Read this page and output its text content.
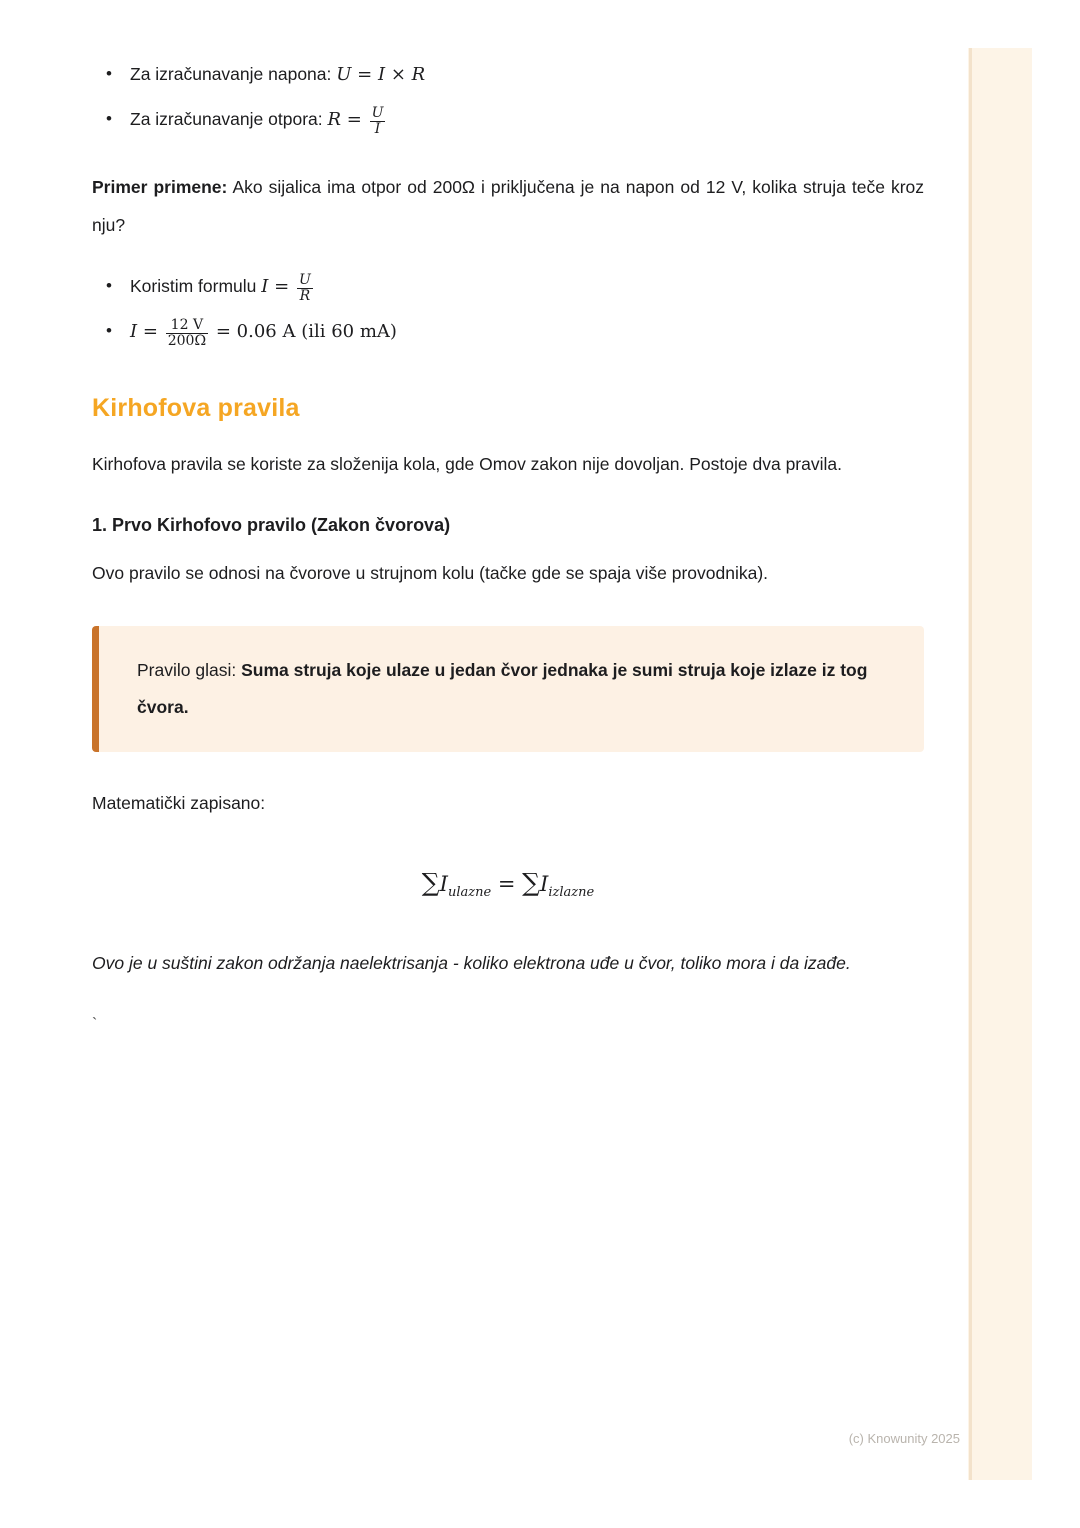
• Za izračunavanje napona: U = I × R
• Za izračunavanje otpora: $R = \frac{U}{I}$

Primer primene: Ako sijalica ima otpor od 200Ω i priključena je na napon od 12 V, kolika struja teče kroz nju?

• Koristim formulu $I = \frac{U}{R}$
• $I = \frac{12 V}{200\Omega} = 0.06$ A (ili 60 mA)
Kirhofova pravila

Kirhofova pravila se koriste za složenija kola, gde Omov zakon nije dovoljan. Postoje dva pravila.

1. Prvo Kirhofovo pravilo (Zakon čvorova)

Ovo pravilo se odnosi na čvorove u strujnom kolu (tačke gde se spaja više provodnika).

Pravilo glasi: Suma struja koje ulaze u jedan čvor jednaka je sumi struja koje izlaze iz tog čvora.

Matematički zapisano:

$\sum I_{ulazne} = \sum I_{izlazne}$

Ovo je u suštini zakon održanja naelektrisanja - koliko elektrona uđe u čvor, toliko mora i da izađe.

`
(c) Knowunity 2025
